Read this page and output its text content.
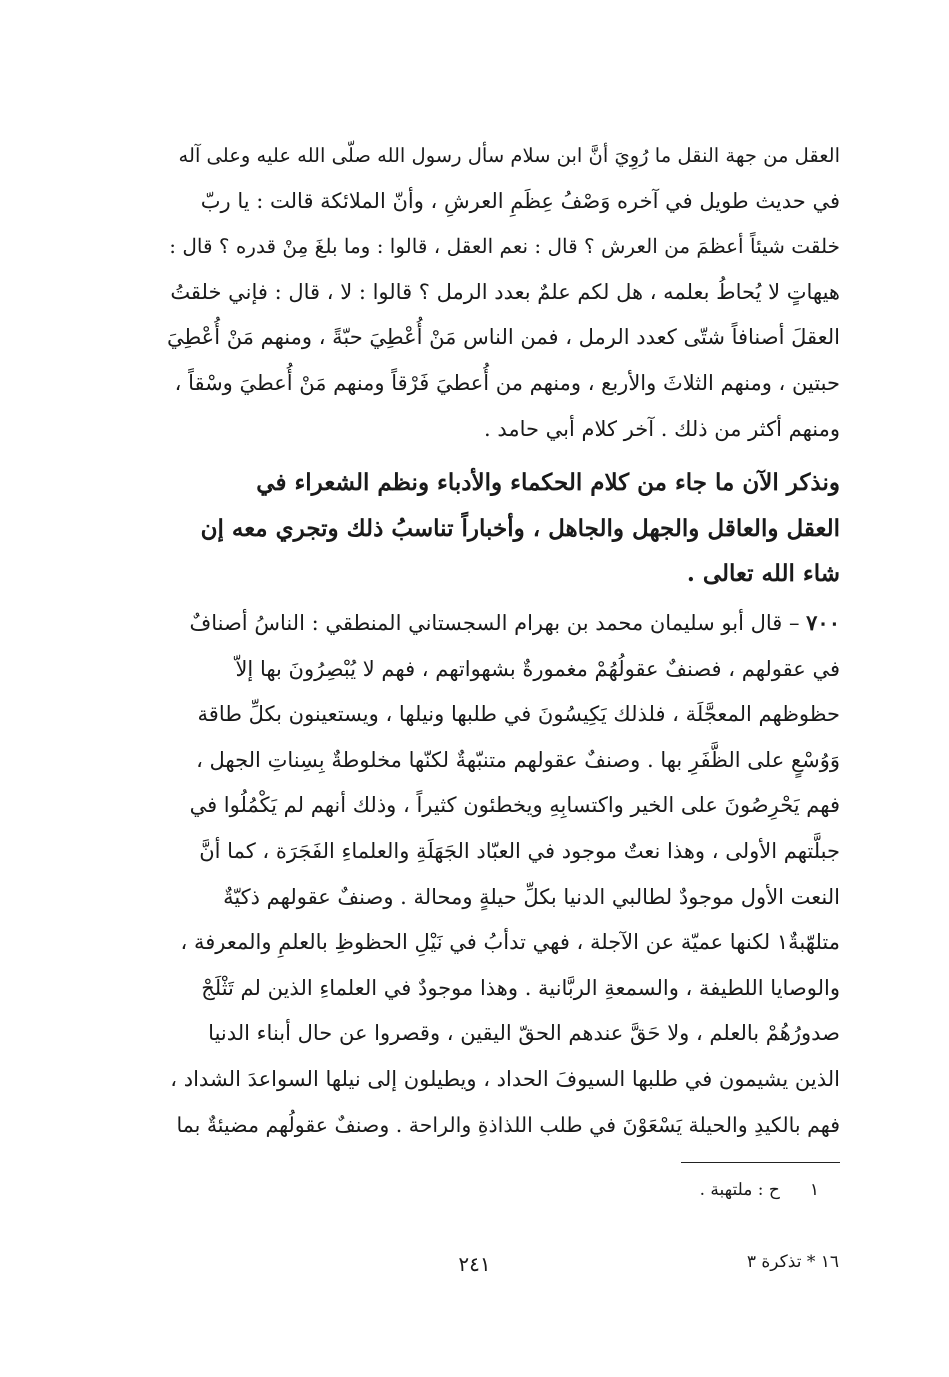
العقل من جهة النقل ما رُوِيَ أنَّ ابن سلام سأل رسول الله صلّى الله عليه وعلى آله
في حديث طويل في آخره وَصْفُ عِظَمِ العرشِ ، وأنّ الملائكة قالت : يا ربّ
خلقت شيئاً أعظمَ من العرش ؟ قال : نعم العقل ، قالوا : وما بلغَ مِنْ قدره ؟ قال :
هيهاتٍ لا يُحاطُ بعلمه ، هل لكم علمٌ بعدد الرمل ؟ قالوا : لا ، قال : فإني خلقتُ
العقلَ أصنافاً شتّى كعدد الرمل ، فمن الناس مَنْ أُعْطِيَ حبّةً ، ومنهم مَنْ أُعْطِيَ
حبتين ، ومنهم الثلاثَ والأربع ، ومنهم من أُعطيَ فَرْقاً ومنهم مَنْ أُعطيَ وسْقاً ،
ومنهم أكثر من ذلك . آخر كلام أبي حامد .
ونذكر الآن ما جاء من كلام الحكماء والأدباء ونظم الشعراء في
العقل والعاقل والجهل والجاهل ، وأخباراً تناسبُ ذلك وتجري معه إن
شاء الله تعالى .
٧٠٠ – قال أبو سليمان محمد بن بهرام السجستاني المنطقي : الناسُ أصنافٌ
في عقولهم ، فصنفٌ عقولُهُمْ مغمورةٌ بشهواتهم ، فهم لا يُبْصِرُونَ بها إلاّ
حظوظهم المعجَّلَة ، فلذلك يَكِيسُونَ في طلبها ونيلها ، ويستعينون بكلِّ طاقة
وَوُسْعٍ على الظَّفَرِ بها . وصنفٌ عقولهم متنبّهةٌ لكنّها مخلوطةٌ بِسِناتِ الجهل ،
فهم يَحْرِصُونَ على الخير واكتسابِهِ ويخطئون كثيراً ، وذلك أنهم لم يَكْمُلُوا في
جبلَّتهم الأولى ، وهذا نعتٌ موجود في العبّاد الجَهَلَةِ والعلماءِ الفَجَرَة ، كما أنَّ
النعت الأول موجودٌ لطالبي الدنيا بكلِّ حيلةٍ ومحالة . وصنفٌ عقولهم ذكيّةٌ
متلهّبةٌ١ لكنها عميّة عن الآجلة ، فهي تدأبُ في نَيْلِ الحظوظِ بالعلمِ والمعرفة ،
والوصايا اللطيفة ، والسمعةِ الربَّانية . وهذا موجودٌ في العلماءِ الذين لم تَثْلَجْ
صدورُهُمْ بالعلم ، ولا حَقَّ عندهم الحقّ اليقين ، وقصروا عن حال أبناء الدنيا
الذين يشيمون في طلبها السيوفَ الحداد ، ويطيلون إلى نيلها السواعدَ الشداد ،
فهم بالكيدِ والحيلة يَسْعَوْنَ في طلب اللذاذةِ والراحة . وصنفٌ عقولُهم مضيئةٌ بما
١ح : ملتهبة .
٢٤١	١٦ * تذكرة ٣
